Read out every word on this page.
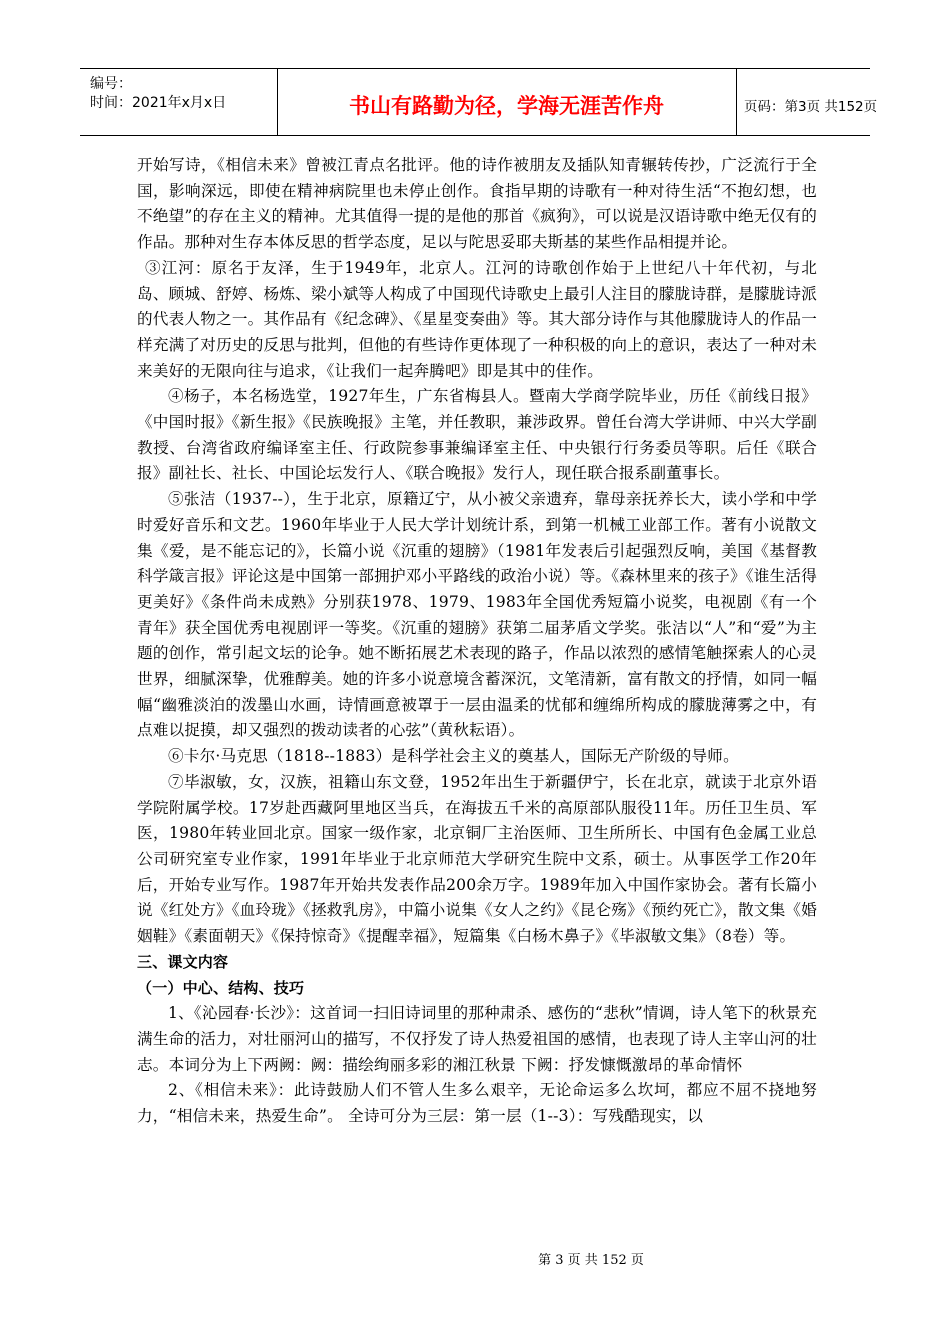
编号：
时间：2021年x月x日	书山有路勤为径，学海无涯苦作舟	页码：第3页 共152页

开始写诗，《相信未来》曾被江青点名批评。他的诗作被朋友及插队知青辗转传抄，广泛流行于全国，影响深远，即使在精神病院里也未停止创作。食指早期的诗歌有一种对待生活“不抱幻想，也不绝望”的存在主义的精神。尤其值得一提的是他的那首《疯狗》，可以说是汉语诗歌中绝无仅有的作品。那种对生存本体反思的哲学态度，足以与陀思妥耶夫斯基的某些作品相提并论。

③江河：原名于友泽，生于1949年，北京人。江河的诗歌创作始于上世纪八十年代初，与北岛、顾城、舒婷、杨炼、梁小斌等人构成了中国现代诗歌史上最引人注目的朦胧诗群，是朦胧诗派的代表人物之一。其作品有《纪念碑》、《星星变奏曲》等。其大部分诗作与其他朦胧诗人的作品一样充满了对历史的反思与批判，但他的有些诗作更体现了一种积极的向上的意识，表达了一种对未来美好的无限向往与追求，《让我们一起奔腾吧》即是其中的佳作。

④杨子，本名杨选堂，1927年生，广东省梅县人。暨南大学商学院毕业，历任《前线日报》《中国时报》《新生报》《民族晚报》主笔，并任教职，兼涉政界。曾任台湾大学讲师、中兴大学副教授、台湾省政府编译室主任、行政院参事兼编译室主任、中央银行行务委员等职。后任《联合报》副社长、社长、中国论坛发行人、《联合晚报》发行人，现任联合报系副董事长。

⑤张洁（1937--），生于北京，原籍辽宁，从小被父亲遗弃，靠母亲抚养长大，读小学和中学时爱好音乐和文艺。1960年毕业于人民大学计划统计系，到第一机械工业部工作。著有小说散文集《爱，是不能忘记的》，长篇小说《沉重的翅膀》（1981年发表后引起强烈反响，美国《基督教科学箴言报》评论这是中国第一部拥护邓小平路线的政治小说）等。《森林里来的孩子》《谁生活得更美好》《条件尚未成熟》分别获1978、1979、1983年全国优秀短篇小说奖，电视剧《有一个青年》获全国优秀电视剧评一等奖。《沉重的翅膀》获第二届茅盾文学奖。张洁以“人”和“爱”为主题的创作，常引起文坛的论争。她不断拓展艺术表现的路子，作品以浓烈的感情笔触探索人的心灵世界，细腻深挚，优雅醇美。她的许多小说意境含蓄深沉，文笔清新，富有散文的抒情，如同一幅幅“幽雅淡泊的泼墨山水画，诗情画意被罩于一层由温柔的忧郁和缠绵所构成的朦胧薄雾之中，有点难以捉摸，却又强烈的拨动读者的心弦”（黄秋耘语）。

⑥卡尔·马克思（1818--1883）是科学社会主义的奠基人，国际无产阶级的导师。

⑦毕淑敏，女，汉族，祖籍山东文登，1952年出生于新疆伊宁，长在北京，就读于北京外语学院附属学校。17岁赴西藏阿里地区当兵，在海拔五千米的高原部队服役11年。历任卫生员、军医，1980年转业回北京。国家一级作家，北京铜厂主治医师、卫生所所长、中国有色金属工业总公司研究室专业作家，1991年毕业于北京师范大学研究生院中文系，硕士。从事医学工作20年后，开始专业写作。1987年开始共发表作品200余万字。1989年加入中国作家协会。著有长篇小说《红处方》《血玲珑》《拯救乳房》，中篇小说集《女人之约》《昆仑殇》《预约死亡》，散文集《婚姻鞋》《素面朝天》《保持惊奇》《提醒幸福》，短篇集《白杨木鼻子》《毕淑敏文集》（8卷）等。

三、课文内容

（一）中心、结构、技巧

1、《沁园春·长沙》：这首词一扫旧诗词里的那种肃杀、感伤的“悲秋”情调，诗人笔下的秋景充满生命的活力，对壮丽河山的描写，不仅抒发了诗人热爱祖国的感情，也表现了诗人主宰山河的壮志。本词分为上下两阙：阙：描绘绚丽多彩的湘江秋景 下阙：抒发慷慨激昂的革命情怀

2、《相信未来》：此诗鼓励人们不管人生多么艰辛，无论命运多么坎坷，都应不屈不挠地努力，“相信未来，热爱生命”。 全诗可分为三层：第一层（1--3）：写残酷现实，以

第 3 页 共 152 页
